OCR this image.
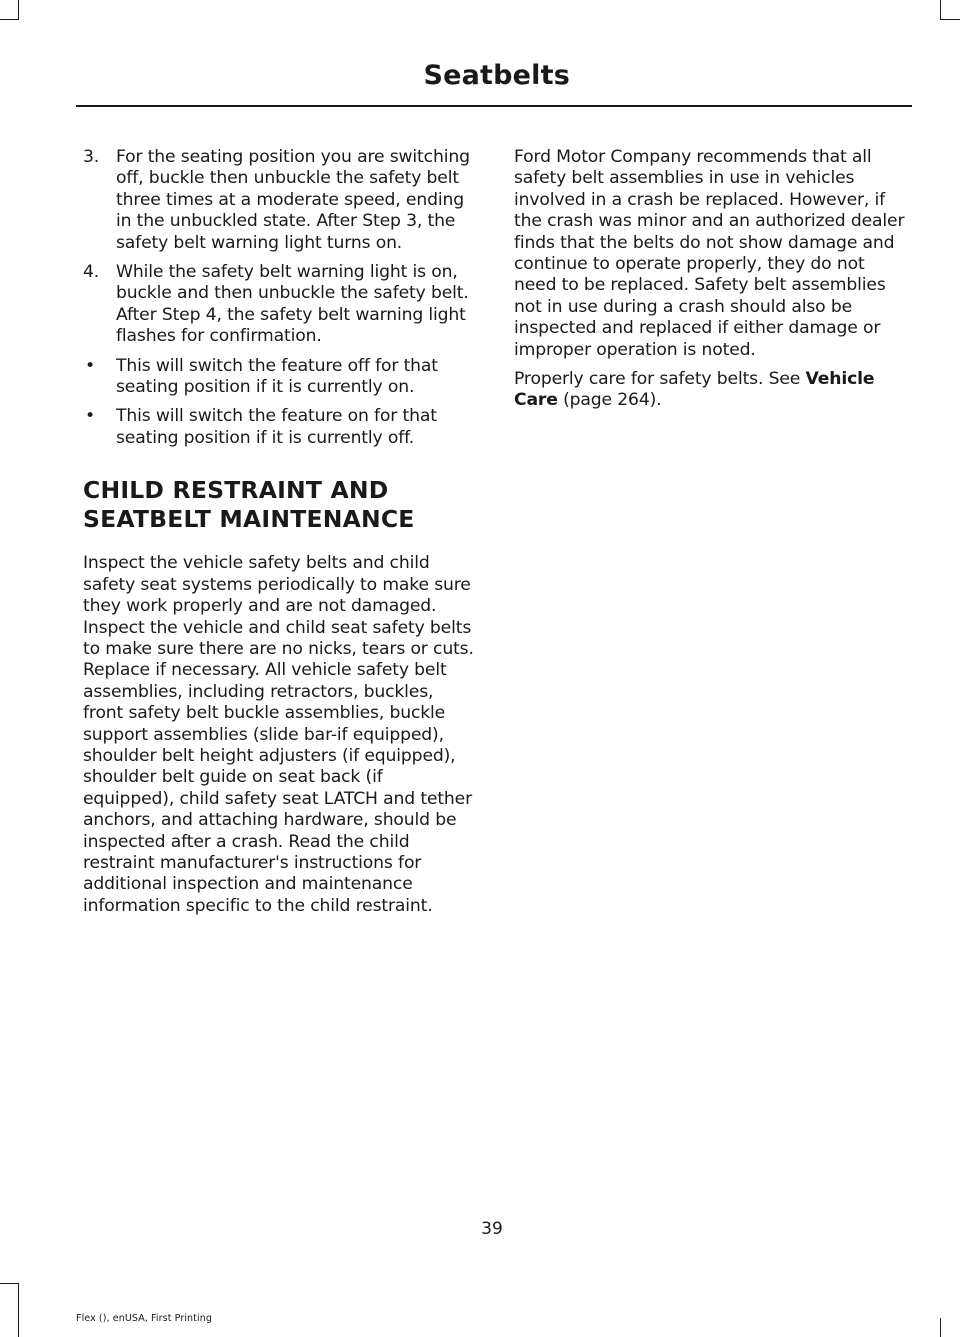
Seatbelts
3. For the seating position you are switching off, buckle then unbuckle the safety belt three times at a moderate speed, ending in the unbuckled state. After Step 3, the safety belt warning light turns on.
4. While the safety belt warning light is on, buckle and then unbuckle the safety belt. After Step 4, the safety belt warning light flashes for confirmation.
• This will switch the feature off for that seating position if it is currently on.
• This will switch the feature on for that seating position if it is currently off.
CHILD RESTRAINT AND
SEATBELT MAINTENANCE

Inspect the vehicle safety belts and child safety seat systems periodically to make sure they work properly and are not damaged. Inspect the vehicle and child seat safety belts to make sure there are no nicks, tears or cuts. Replace if necessary. All vehicle safety belt assemblies, including retractors, buckles, front safety belt buckle assemblies, buckle support assemblies (slide bar-if equipped), shoulder belt height adjusters (if equipped), shoulder belt guide on seat back (if equipped), child safety seat LATCH and tether anchors, and attaching hardware, should be inspected after a crash. Read the child restraint manufacturer's instructions for additional inspection and maintenance information specific to the child restraint.

Ford Motor Company recommends that all safety belt assemblies in use in vehicles involved in a crash be replaced. However, if the crash was minor and an authorized dealer finds that the belts do not show damage and continue to operate properly, they do not need to be replaced. Safety belt assemblies not in use during a crash should also be inspected and replaced if either damage or improper operation is noted.

Properly care for safety belts. See Vehicle Care (page 264).

39
Flex (), enUSA, First Printing
